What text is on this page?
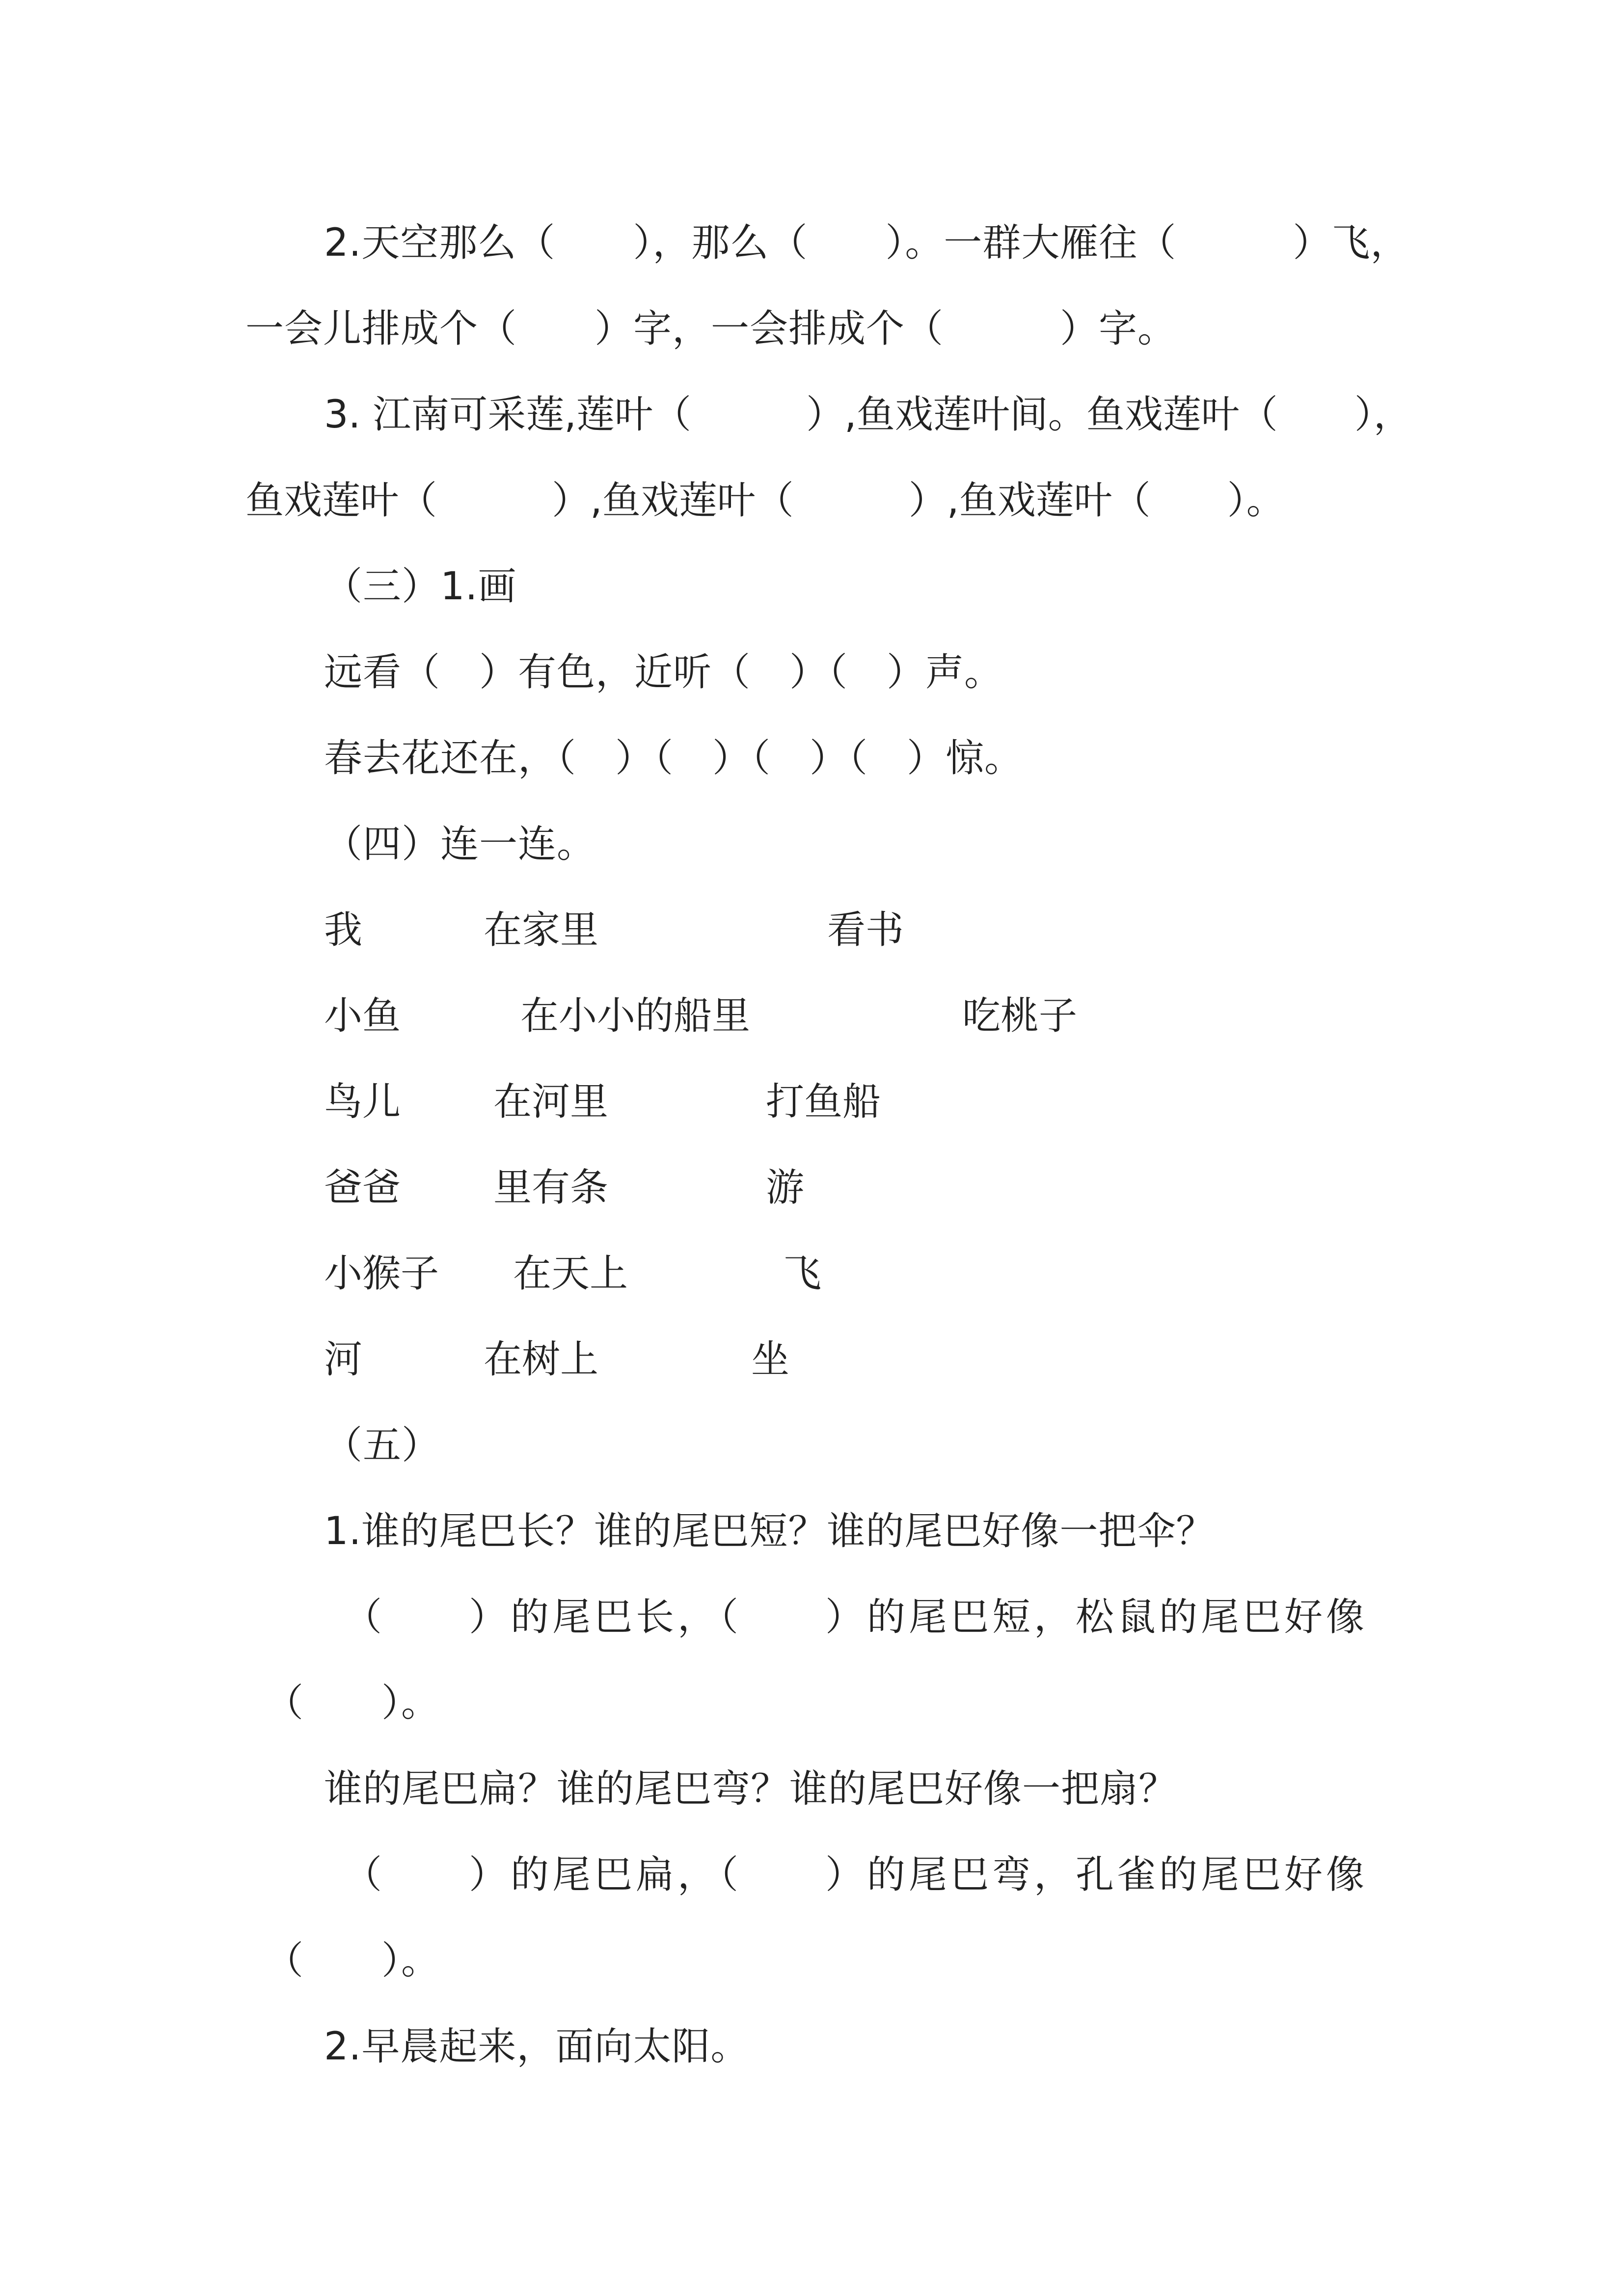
2.天空那么（　　），那么（　　）。一群大雁往（　　　）飞，
一会儿排成个（　　）字，一会排成个（　　　）字。
3. 江南可采莲,莲叶（　　　）,鱼戏莲叶间。鱼戏莲叶（　　），
鱼戏莲叶（　　　）,鱼戏莲叶（　　　）,鱼戏莲叶（　　）。
（三）1.画
远看（　）有色，近听（　）（　）声。
春去花还在，（　）（　）（　）（　）惊。
（四）连一连。
我	在家里	看书
小鱼	在小小的船里	吃桃子
鸟儿 在河里	打鱼船
爸爸 里有条	游
小猴子 在天上	飞
河	在树上	坐
（五）
1.谁的尾巴长？谁的尾巴短？谁的尾巴好像一把伞？
（　　）的尾巴长，（　　）的尾巴短，松鼠的尾巴好像
（　　）。
谁的尾巴扁？谁的尾巴弯？谁的尾巴好像一把扇？
（　　）的尾巴扁，（　　）的尾巴弯，孔雀的尾巴好像
（　　）。
2.早晨起来，面向太阳。
